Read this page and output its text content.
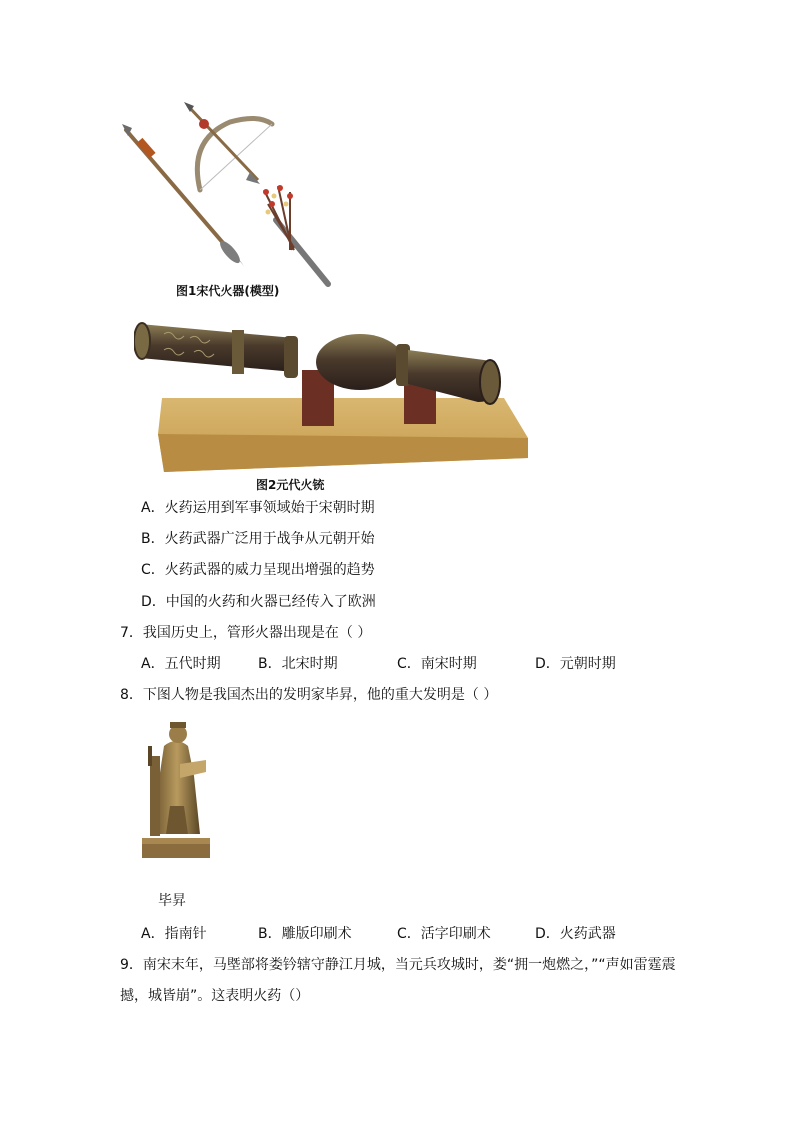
图1宋代火器(模型)
图2元代火铳
A．火药运用到军事领域始于宋朝时期
B．火药武器广泛用于战争从元朝开始
C．火药武器的威力呈现出增强的趋势
D．中国的火药和火器已经传入了欧洲
7．我国历史上，管形火器出现是在（ ）
A．五代时期	B．北宋时期	C．南宋时期	D．元朝时期
8．下图人物是我国杰出的发明家毕昇，他的重大发明是（ ）
毕昇
A．指南针	B．雕版印刷术	C．活字印刷术	D．火药武器
9．南宋末年，马塈部将娄钤辖守静江月城，当元兵攻城时，娄“拥一炮燃之，”“声如雷霆震
撼，城皆崩”。这表明火药（）
